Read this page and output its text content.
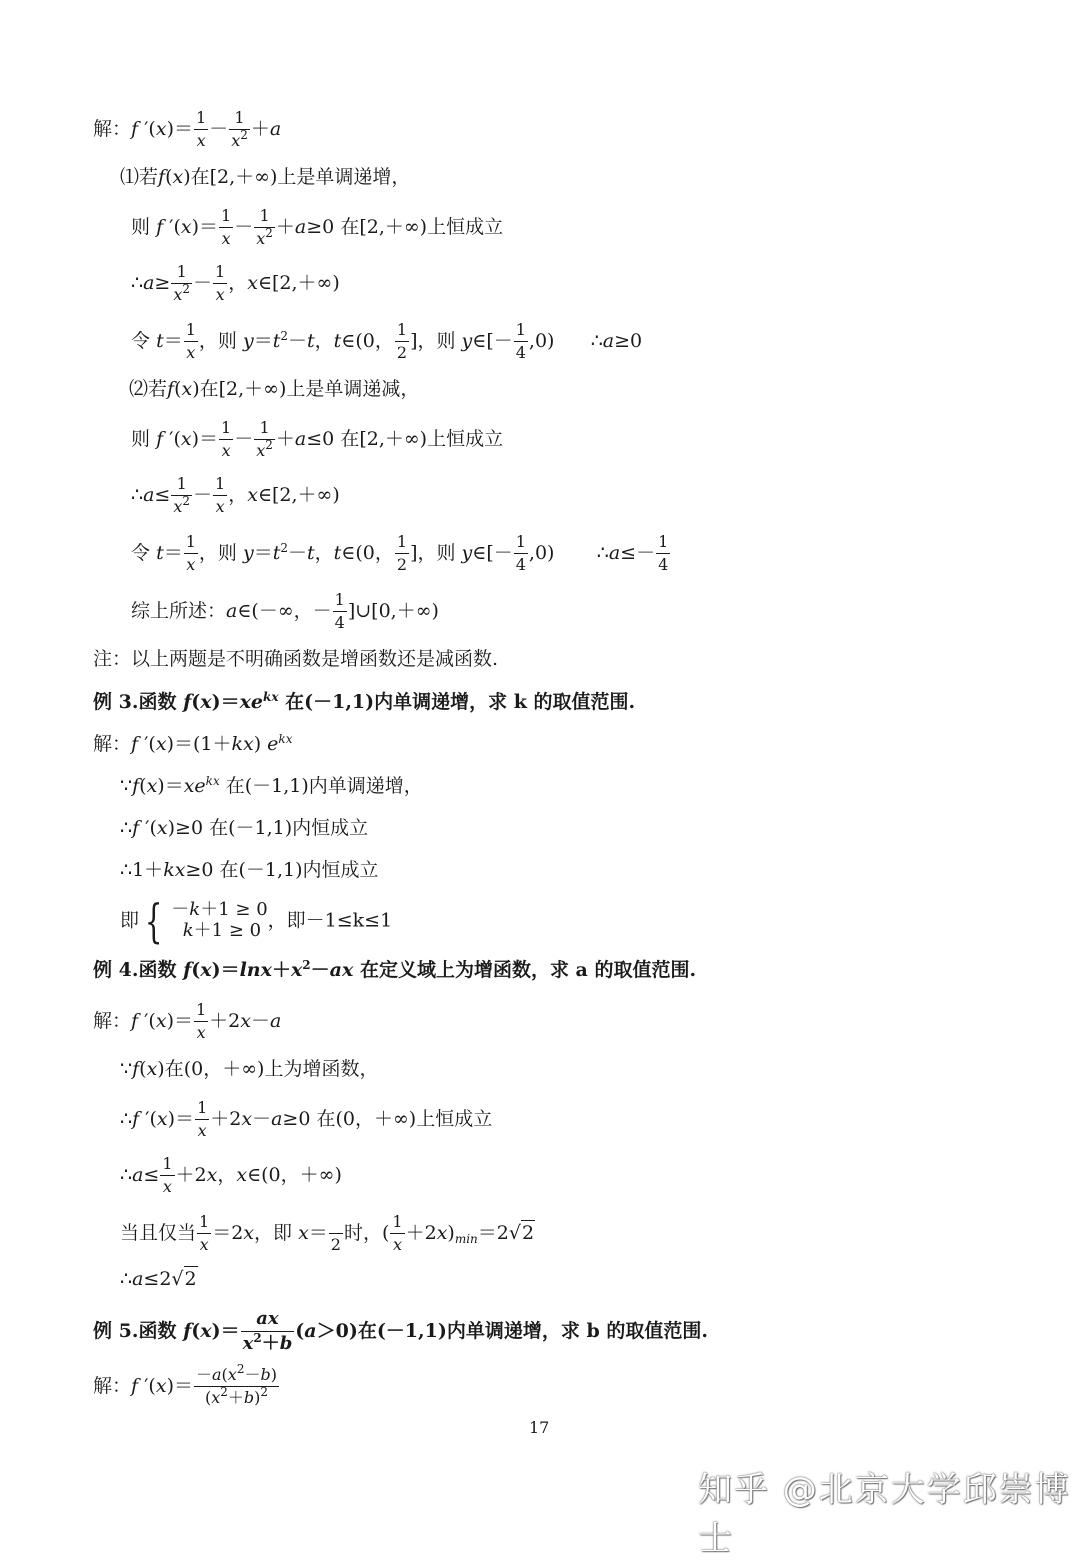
解：f $'(x)= \frac{1}{x} - \frac{1}{x^2} +a$
⑴若f(x)在[2,＋∞)上是单调递增，
则 f $'(x)= \frac{1}{x} - \frac{1}{x^2} +a\ge 0$ 在[2,＋∞)上恒成立
∴a≥ $\frac{1}{x^2} - \frac{1}{x}$ ，x∈[2,＋∞)
令 $t= \frac{1}{x}$ ，则 $y=t^2-t$，t∈(0， $\frac{1}{2}$ ]，则 y∈[－ $\frac{1}{4} ,0$)      ∴a≥0
⑵若f(x)在[2,＋∞)上是单调递减，
则 f $'(x)= \frac{1}{x} - \frac{1}{x^2} +a\le 0$ 在[2,＋∞)上恒成立
∴a≤ $\frac{1}{x^2} - \frac{1}{x}$ ，x∈[2,＋∞)
令 $t= \frac{1}{x}$ ，则 $y=t^2-t$，t∈(0， $\frac{1}{2}$ ]，则 y∈[－ $\frac{1}{4} ,0$)       ∴a≤－ $\frac{1}{4}$
综上所述：a∈(－∞，－ $\frac{1}{4}$ ]∪[0,＋∞)
注：以上两题是不明确函数是增函数还是减函数.
例 3.函数 $f(x)=xe^{kx}$ 在(－1,1)内单调递增，求 k 的取值范围.
解：f ′(x)＝(1＋kx) $e^{kx}$
$\because f(x)=xe^{kx}$ 在(－1,1)内单调递增，
∴f ′(x)≥0 在(－1,1)内恒成立
∴1＋kx≥0 在(－1,1)内恒成立
即 { －k＋1 ≥ 0
k＋1 ≥ 0 ，即－1≤k≤1
例 4.函数 $f(x)=\ln x+x^2-ax$ 在定义域上为增函数，求 a 的取值范围.
解：f $'(x)= \frac{1}{x} +2x-a$
∵f(x)在(0，＋∞)上为增函数，
∴f $'(x)= \frac{1}{x} +2x-a\ge 0$ 在(0，＋∞)上恒成立
∴a≤ $\frac{1}{x} +2x$，x∈(0，＋∞)
当且仅当 $\frac{1}{x} =2x$，即 x＝

2
时，( $\frac{1}{x} +2x)_{min}=2√2$
∴a≤2√2
例 5.函数 $f(x)= \frac{ax}{x^2+b} (a>0)$在(－1,1)内单调递增，求 b 的取值范围.
解：f $'(x)= \frac{-a(x^2-b)}{(x^2+b)^2}$
17
知乎 @北京大学邱崇博士
